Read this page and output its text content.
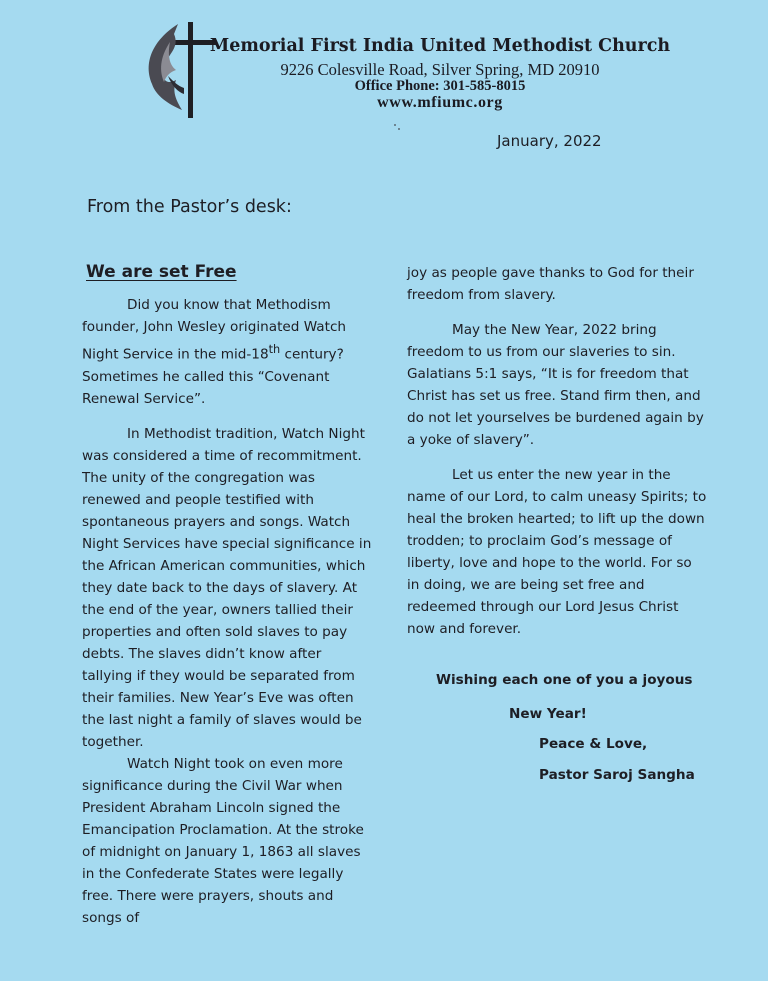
Memorial First India United Methodist Church
9226 Colesville Road, Silver Spring, MD 20910
Office Phone: 301-585-8015
www.mfiumc.org
January, 2022
From the Pastor’s desk:
We are set Free

Did you know that Methodism founder, John Wesley originated Watch Night Service in the mid-18th century? Sometimes he called this “Covenant Renewal Service”.

In Methodist tradition, Watch Night was considered a time of recommitment. The unity of the congregation was renewed and people testified with spontaneous prayers and songs. Watch Night Services have special significance in the African American communities, which they date back to the days of slavery. At the end of the year, owners tallied their properties and often sold slaves to pay debts. The slaves didn’t know after tallying if they would be separated from their families. New Year’s Eve was often the last night a family of slaves would be together.

Watch Night took on even more significance during the Civil War when President Abraham Lincoln signed the Emancipation Proclamation. At the stroke of midnight on January 1, 1863 all slaves in the Confederate States were legally free. There were prayers, shouts and songs of

joy as people gave thanks to God for their freedom from slavery.

May the New Year, 2022 bring freedom to us from our slaveries to sin. Galatians 5:1 says, “It is for freedom that Christ has set us free. Stand firm then, and do not let yourselves be burdened again by a yoke of slavery”.

Let us enter the new year in the name of our Lord, to calm uneasy Spirits; to heal the broken hearted; to lift up the down trodden; to proclaim God’s message of liberty, love and hope to the world. For so in doing, we are being set free and redeemed through our Lord Jesus Christ now and forever.

Wishing each one of you a joyous
New Year!
Peace & Love,
Pastor Saroj Sangha
